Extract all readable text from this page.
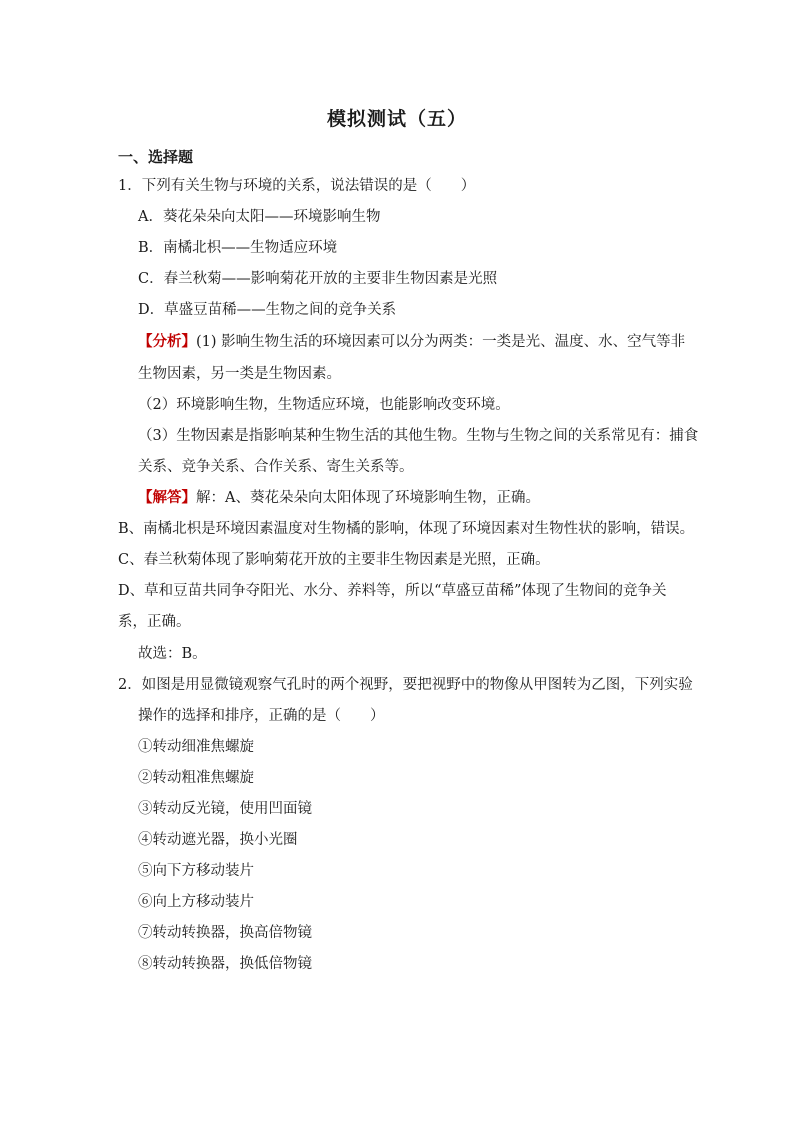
模拟测试（五）
一、选择题
1．下列有关生物与环境的关系，说法错误的是（　　）
A．葵花朵朵向太阳——环境影响生物
B．南橘北枳——生物适应环境
C．春兰秋菊——影响菊花开放的主要非生物因素是光照
D．草盛豆苗稀——生物之间的竞争关系
【分析】(1) 影响生物生活的环境因素可以分为两类：一类是光、温度、水、空气等非
生物因素，另一类是生物因素。
（2）环境影响生物，生物适应环境，也能影响改变环境。
（3）生物因素是指影响某种生物生活的其他生物。生物与生物之间的关系常见有：捕食
关系、竞争关系、合作关系、寄生关系等。
【解答】解：A、葵花朵朵向太阳体现了环境影响生物，正确。
B、南橘北枳是环境因素温度对生物橘的影响，体现了环境因素对生物性状的影响，错误。
C、春兰秋菊体现了影响菊花开放的主要非生物因素是光照，正确。
D、草和豆苗共同争夺阳光、水分、养料等，所以“草盛豆苗稀”体现了生物间的竞争关
系，正确。
故选：B。
2．如图是用显微镜观察气孔时的两个视野，要把视野中的物像从甲图转为乙图，下列实验
操作的选择和排序，正确的是（　　）
①转动细准焦螺旋
②转动粗准焦螺旋
③转动反光镜，使用凹面镜
④转动遮光器，换小光圈
⑤向下方移动装片
⑥向上方移动装片
⑦转动转换器，换高倍物镜
⑧转动转换器，换低倍物镜
